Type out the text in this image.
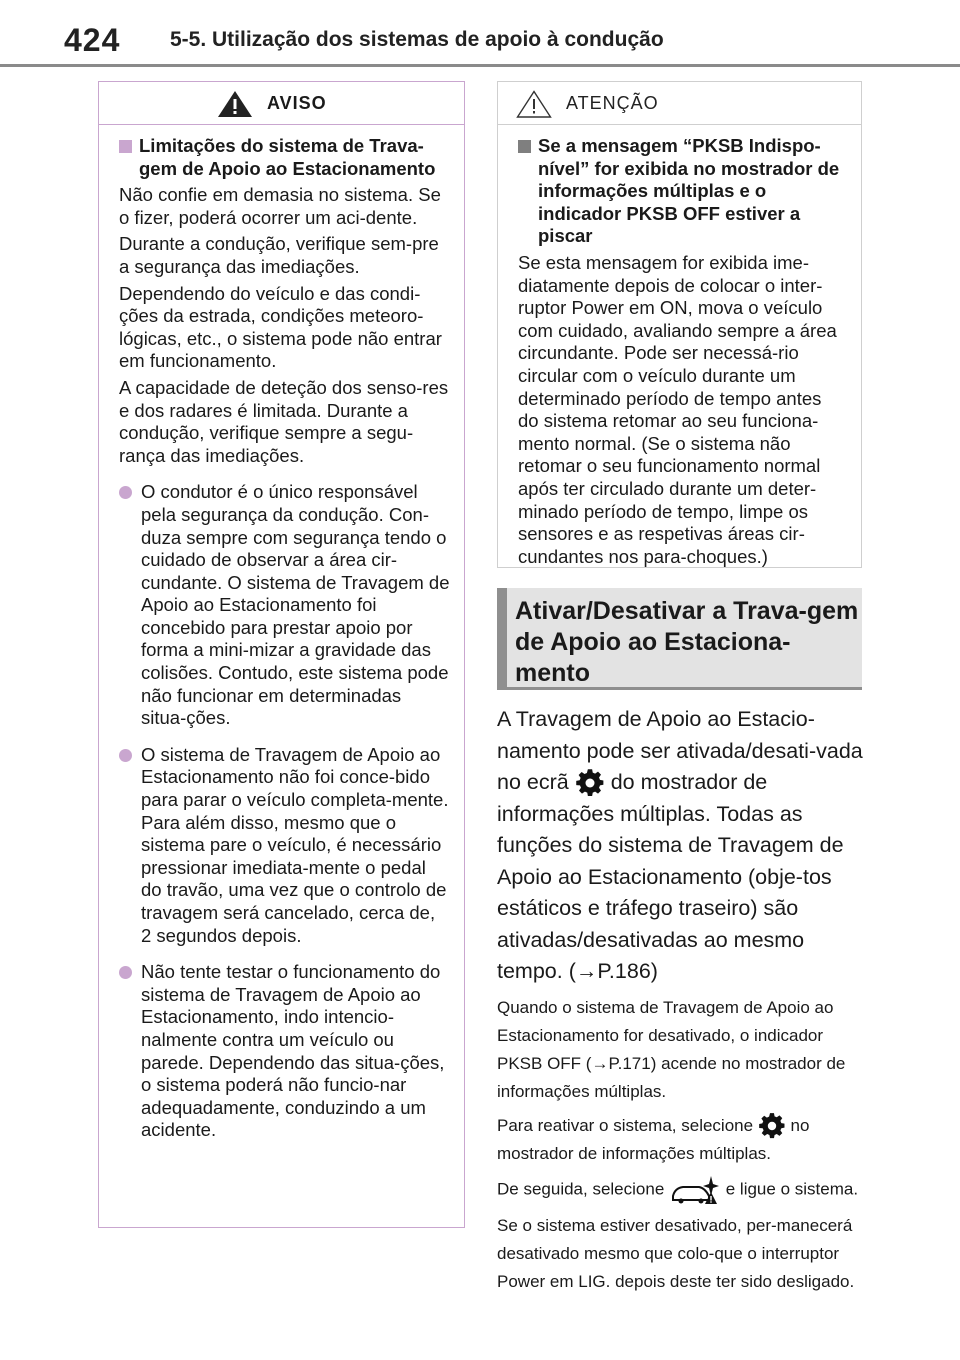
424 5-5. Utilização dos sistemas de apoio à condução
AVISO
Limitações do sistema de Trava-gem de Apoio ao Estacionamento

Não confie em demasia no sistema. Se o fizer, poderá ocorrer um aci-dente.

Durante a condução, verifique sem-pre a segurança das imediações.

Dependendo do veículo e das condi-ções da estrada, condições meteoro-lógicas, etc., o sistema pode não entrar em funcionamento.

A capacidade de deteção dos senso-res e dos radares é limitada. Durante a condução, verifique sempre a segu-rança das imediações.

O condutor é o único responsável pela segurança da condução. Con-duza sempre com segurança tendo o cuidado de observar a área cir-cundante. O sistema de Travagem de Apoio ao Estacionamento foi concebido para prestar apoio por forma a mini-mizar a gravidade das colisões. Contudo, este sistema pode não funcionar em determinadas situa-ções.
O sistema de Travagem de Apoio ao Estacionamento não foi conce-bido para parar o veículo completa-mente. Para além disso, mesmo que o sistema pare o veículo, é necessário pressionar imediata-mente o pedal do travão, uma vez que o controlo de travagem será cancelado, cerca de, 2 segundos depois.
Não tente testar o funcionamento do sistema de Travagem de Apoio ao Estacionamento, indo intencio-nalmente contra um veículo ou parede. Dependendo das situa-ções, o sistema poderá não funcio-nar adequadamente, conduzindo a um acidente.
ATENÇÃO
Se a mensagem “PKSB Indispo-nível” for exibida no mostrador de informações múltiplas e o indicador PKSB OFF estiver a piscar

Se esta mensagem for exibida ime-diatamente depois de colocar o inter-ruptor Power em ON, mova o veículo com cuidado, avaliando sempre a área circundante. Pode ser necessá-rio circular com o veículo durante um determinado período de tempo antes do sistema retomar ao seu funciona-mento normal. (Se o sistema não retomar o seu funcionamento normal após ter circulado durante um deter-minado período de tempo, limpe os sensores e as respetivas áreas cir-cundantes nos para-choques.)

Ativar/Desativar a Trava-gem de Apoio ao Estaciona-mento
A Travagem de Apoio ao Estacio-namento pode ser ativada/desati-vada no ecrã do mostrador de informações múltiplas. Todas as funções do sistema de Travagem de Apoio ao Estacionamento (obje-tos estáticos e tráfego traseiro) são ativadas/desativadas ao mesmo tempo. (→P.186)
Quando o sistema de Travagem de Apoio ao Estacionamento for desativado, o indicador PKSB OFF (→P.171) acende no mostrador de informações múltiplas.
Para reativar o sistema, selecione no mostrador de informações múltiplas.
De seguida, selecione	e ligue o sistema.
Se o sistema estiver desativado, per-manecerá desativado mesmo que colo-que o interruptor Power em LIG. depois deste ter sido desligado.
